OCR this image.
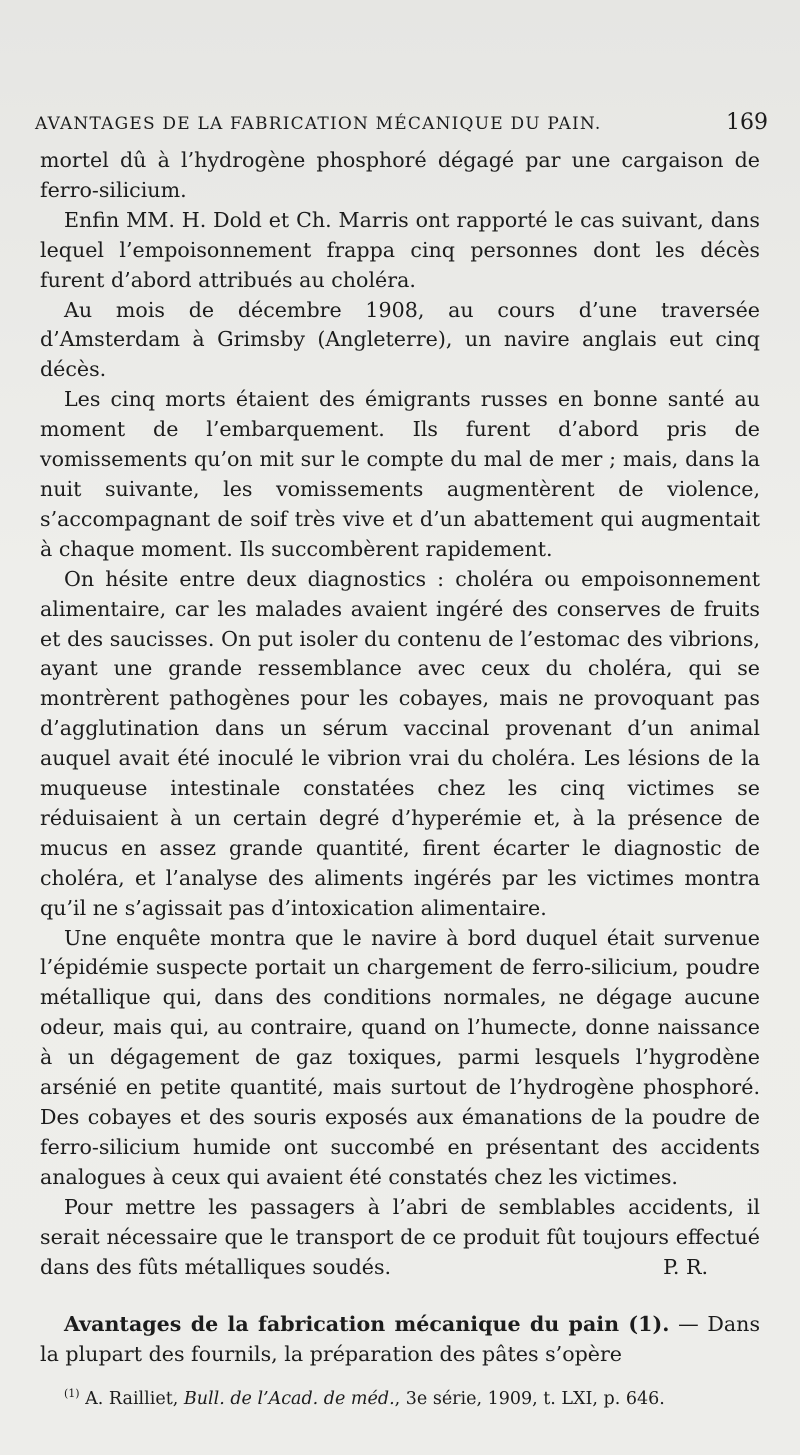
AVANTAGES DE LA FABRICATION MÉCANIQUE DU PAIN.	169

mortel dû à l’hydrogène phosphoré dégagé par une cargaison de ferro-silicium.

Enfin MM. H. Dold et Ch. Marris ont rapporté le cas suivant, dans lequel l’empoisonnement frappa cinq personnes dont les décès furent d’abord attribués au choléra.

Au mois de décembre 1908, au cours d’une traversée d’Amsterdam à Grimsby (Angleterre), un navire anglais eut cinq décès.

Les cinq morts étaient des émigrants russes en bonne santé au moment de l’embarquement. Ils furent d’abord pris de vomissements qu’on mit sur le compte du mal de mer ; mais, dans la nuit suivante, les vomissements augmentèrent de violence, s’accompagnant de soif très vive et d’un abattement qui augmentait à chaque moment. Ils succombèrent rapidement.

On hésite entre deux diagnostics : choléra ou empoisonnement alimentaire, car les malades avaient ingéré des conserves de fruits et des saucisses. On put isoler du contenu de l’estomac des vibrions, ayant une grande ressemblance avec ceux du choléra, qui se montrèrent pathogènes pour les cobayes, mais ne provoquant pas d’agglutination dans un sérum vaccinal provenant d’un animal auquel avait été inoculé le vibrion vrai du choléra. Les lésions de la muqueuse intestinale constatées chez les cinq victimes se réduisaient à un certain degré d’hyperémie et, à la présence de mucus en assez grande quantité, firent écarter le diagnostic de choléra, et l’analyse des aliments ingérés par les victimes montra qu’il ne s’agissait pas d’intoxication alimentaire.

Une enquête montra que le navire à bord duquel était survenue l’épidémie suspecte portait un chargement de ferro-silicium, poudre métallique qui, dans des conditions normales, ne dégage aucune odeur, mais qui, au contraire, quand on l’humecte, donne naissance à un dégagement de gaz toxiques, parmi lesquels l’hygrodène arsénié en petite quantité, mais surtout de l’hydrogène phosphoré. Des cobayes et des souris exposés aux émanations de la poudre de ferro-silicium humide ont succombé en présentant des accidents analogues à ceux qui avaient été constatés chez les victimes.

Pour mettre les passagers à l’abri de semblables accidents, il serait nécessaire que le transport de ce produit fût toujours effectué dans des fûts métalliques soudés.	P. R.

Avantages de la fabrication mécanique du pain (1). — Dans la plupart des fournils, la préparation des pâtes s’opère

$^{(1)}$ A. Railliet, Bull. de l’Acad. de méd., 3e série, 1909, t. LXI, p. 646.
